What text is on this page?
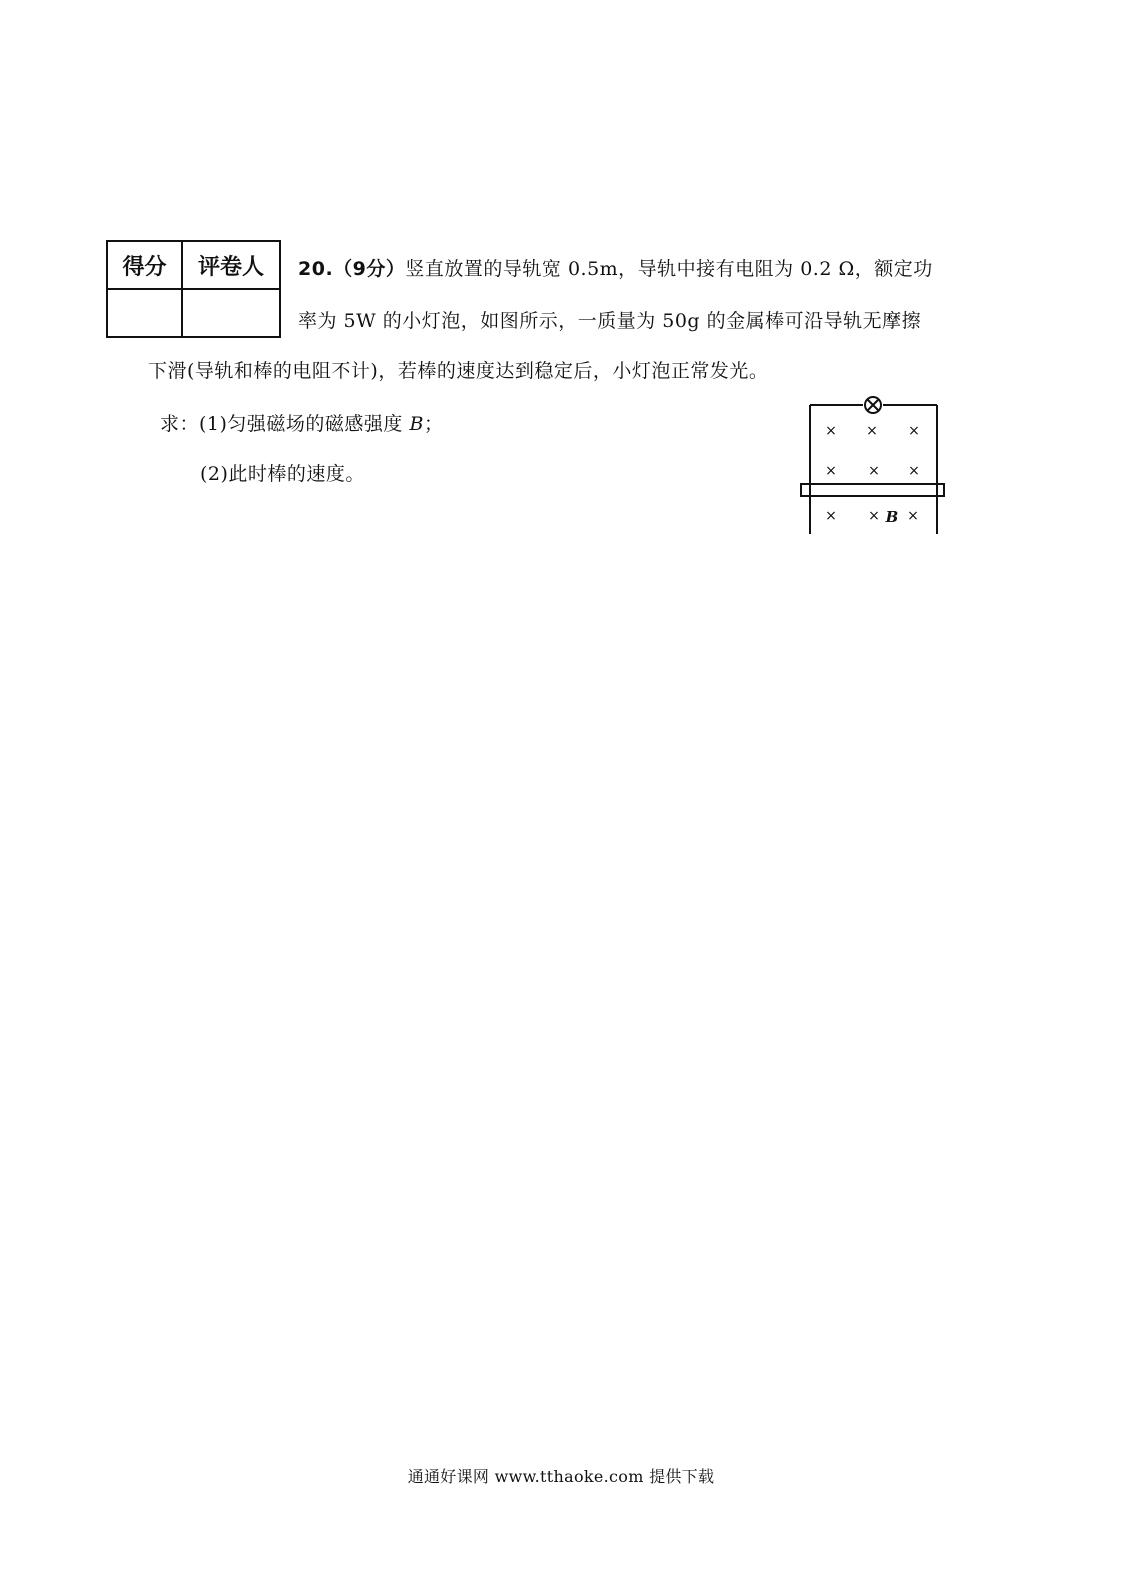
得分	评卷人
	20.（9分）竖直放置的导轨宽 0.5m，导轨中接有电阻为 0.2 Ω，额定功
率为 5W 的小灯泡，如图所示，一质量为 50g 的金属棒可沿导轨无摩擦
下滑(导轨和棒的电阻不计)，若棒的速度达到稳定后，小灯泡正常发光。
求：(1)匀强磁场的磁感强度 B；
(2)此时棒的速度。
× × ×
× × ×
× × ×
B
通通好课网 www.tthaoke.com 提供下载
